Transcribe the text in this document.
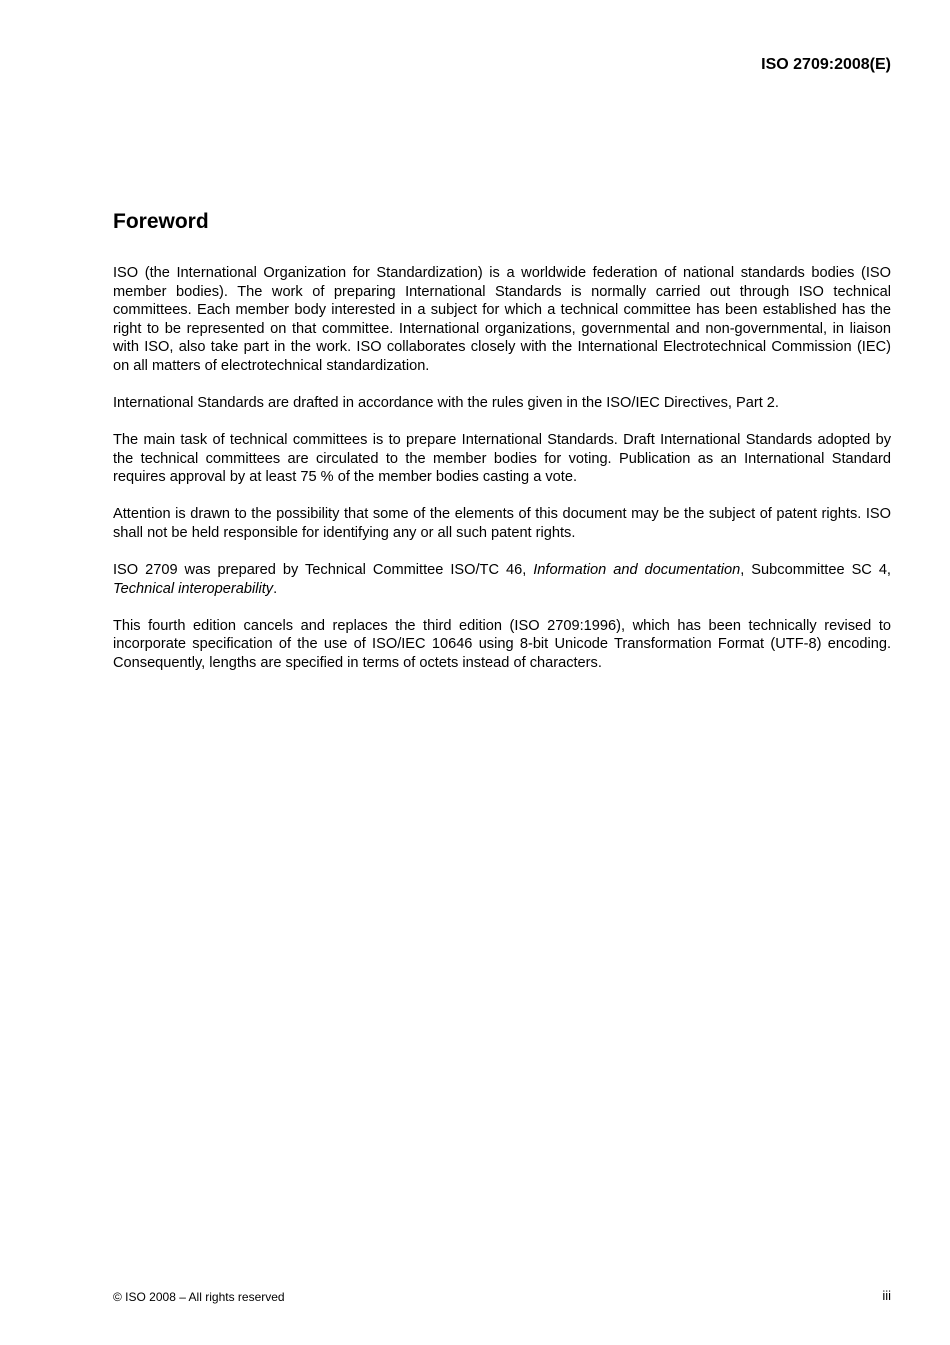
ISO 2709:2008(E)
Foreword

ISO (the International Organization for Standardization) is a worldwide federation of national standards bodies (ISO member bodies). The work of preparing International Standards is normally carried out through ISO technical committees. Each member body interested in a subject for which a technical committee has been established has the right to be represented on that committee. International organizations, governmental and non-governmental, in liaison with ISO, also take part in the work. ISO collaborates closely with the International Electrotechnical Commission (IEC) on all matters of electrotechnical standardization.

International Standards are drafted in accordance with the rules given in the ISO/IEC Directives, Part 2.

The main task of technical committees is to prepare International Standards. Draft International Standards adopted by the technical committees are circulated to the member bodies for voting. Publication as an International Standard requires approval by at least 75 % of the member bodies casting a vote.

Attention is drawn to the possibility that some of the elements of this document may be the subject of patent rights. ISO shall not be held responsible for identifying any or all such patent rights.

ISO 2709 was prepared by Technical Committee ISO/TC 46, Information and documentation, Subcommittee SC 4, Technical interoperability.

This fourth edition cancels and replaces the third edition (ISO 2709:1996), which has been technically revised to incorporate specification of the use of ISO/IEC 10646 using 8-bit Unicode Transformation Format (UTF-8) encoding. Consequently, lengths are specified in terms of octets instead of characters.

© ISO 2008 – All rights reserved	iii
